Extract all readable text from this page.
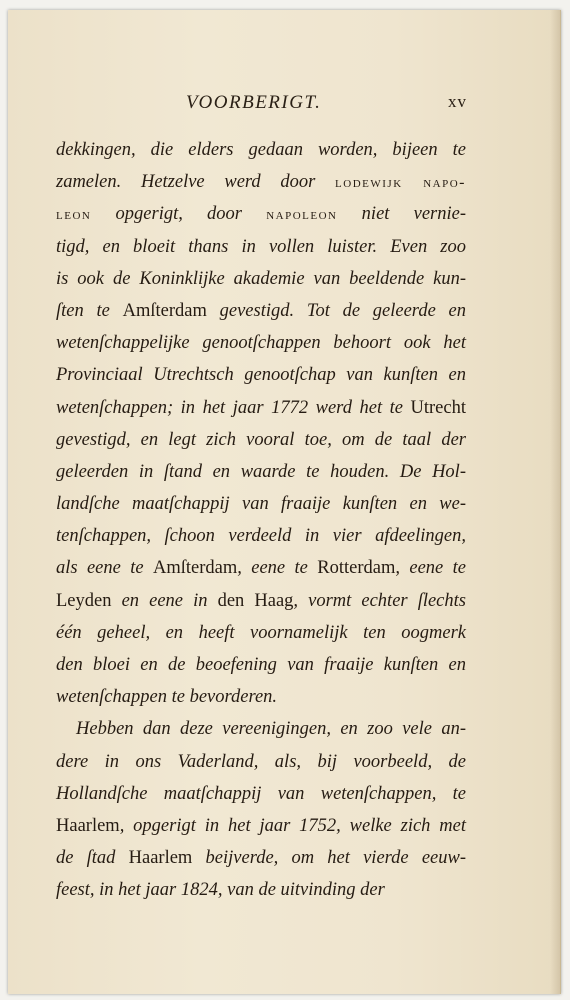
VOORBERIGT.	xv
dekkingen, die elders gedaan worden, bijeen te
zamelen. Hetzelve werd door lodewijk napo-
leon opgerigt, door napoleon niet vernie-
tigd, en bloeit thans in vollen luister. Even zoo
is ook de Koninklijke akademie van beeldende kun-
ſten te Amſterdam gevestigd. Tot de geleerde en
wetenſchappelijke genootſchappen behoort ook het
Provinciaal Utrechtsch genootſchap van kunſten en
wetenſchappen; in het jaar 1772 werd het te Utrecht
gevestigd, en legt zich vooral toe, om de taal der
geleerden in ſtand en waarde te houden. De Hol-
landſche maatſchappij van fraaije kunſten en we-
tenſchappen, ſchoon verdeeld in vier afdeelingen,
als eene te Amſterdam, eene te Rotterdam, eene te
Leyden en eene in den Haag, vormt echter ſlechts
één geheel, en heeft voornamelijk ten oogmerk
den bloei en de beoefening van fraaije kunſten en
wetenſchappen te bevorderen.
Hebben dan deze vereenigingen, en zoo vele an-
dere in ons Vaderland, als, bij voorbeeld, de
Hollandſche maatſchappij van wetenſchappen, te
Haarlem, opgerigt in het jaar 1752, welke zich met
de ſtad Haarlem beijverde, om het vierde eeuw-
feest, in het jaar 1824, van de uitvinding der
